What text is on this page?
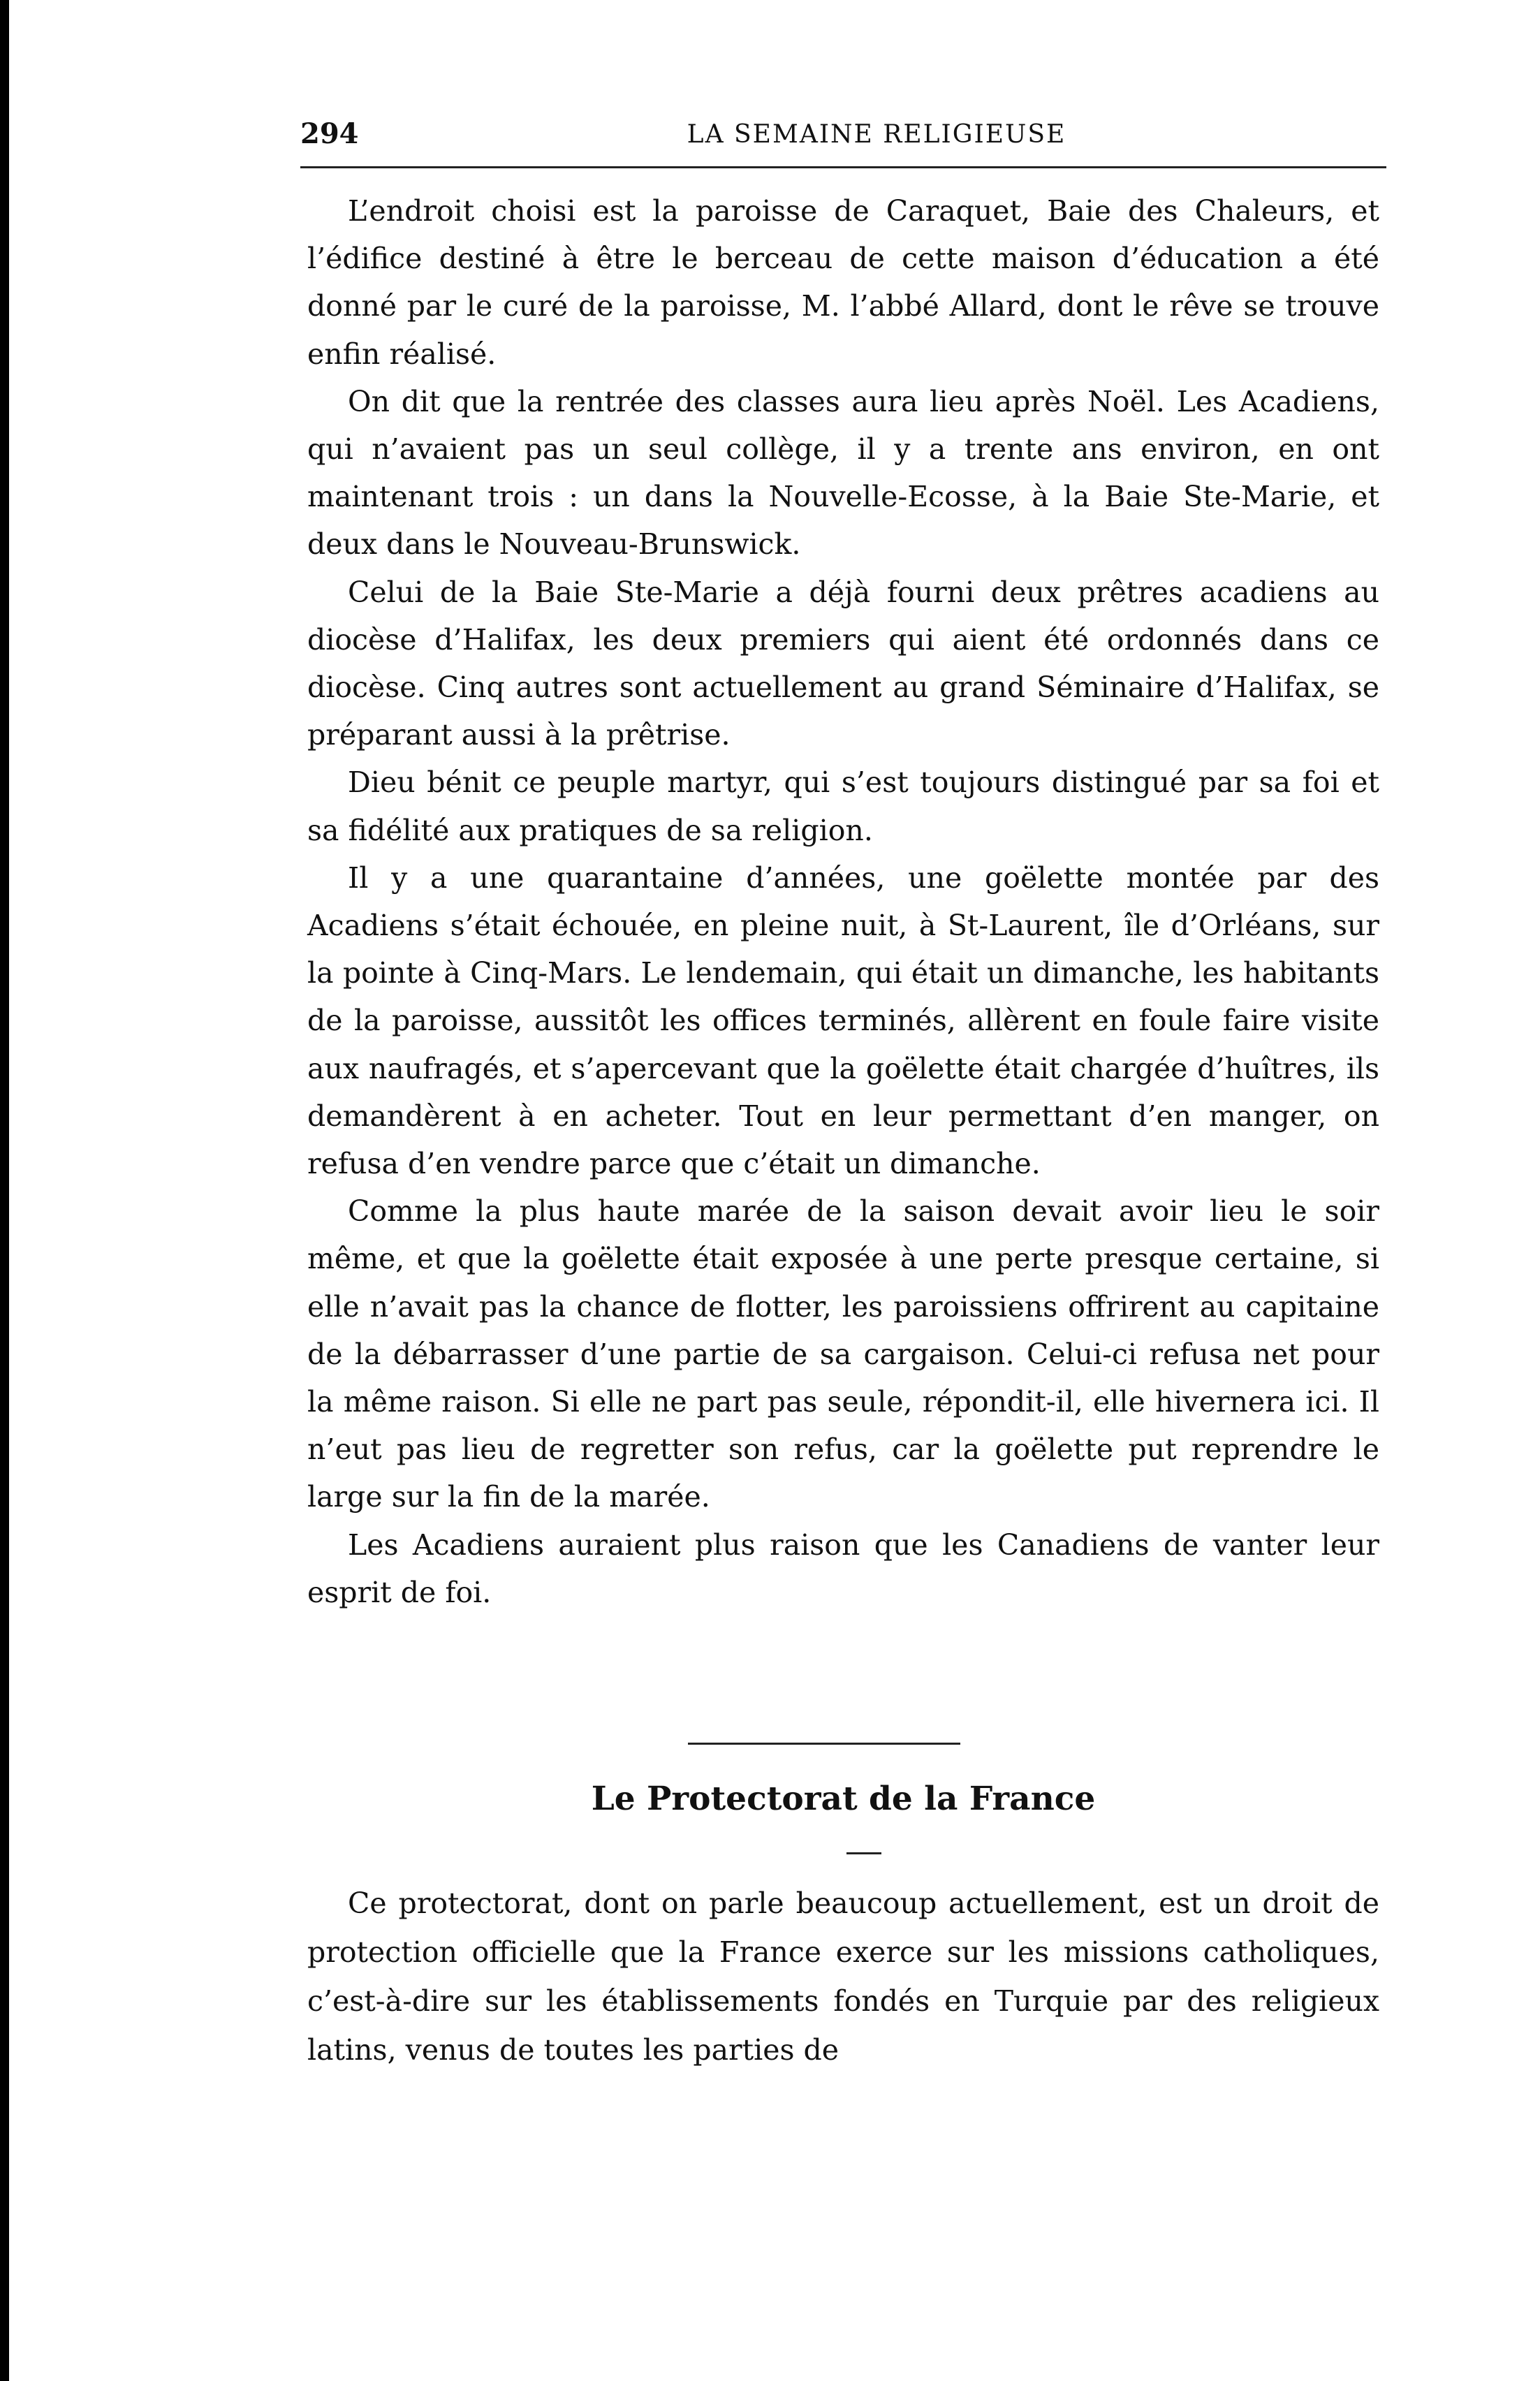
294	LA SEMAINE RELIGIEUSE

L’endroit choisi est la paroisse de Caraquet, Baie des Chaleurs, et l’édifice destiné à être le berceau de cette maison d’éducation a été donné par le curé de la paroisse, M. l’abbé Allard, dont le rêve se trouve enfin réalisé.

On dit que la rentrée des classes aura lieu après Noël. Les Acadiens, qui n’avaient pas un seul collège, il y a trente ans environ, en ont maintenant trois : un dans la Nouvelle-Ecosse, à la Baie Ste-Marie, et deux dans le Nouveau-Brunswick.

Celui de la Baie Ste-Marie a déjà fourni deux prêtres acadiens au diocèse d’Halifax, les deux premiers qui aient été ordonnés dans ce diocèse. Cinq autres sont actuellement au grand Séminaire d’Halifax, se préparant aussi à la prêtrise.

Dieu bénit ce peuple martyr, qui s’est toujours distingué par sa foi et sa fidélité aux pratiques de sa religion.

Il y a une quarantaine d’années, une goëlette montée par des Acadiens s’était échouée, en pleine nuit, à St-Laurent, île d’Orléans, sur la pointe à Cinq-Mars. Le lendemain, qui était un dimanche, les habitants de la paroisse, aussitôt les offices terminés, allèrent en foule faire visite aux naufragés, et s’apercevant que la goëlette était chargée d’huîtres, ils demandèrent à en acheter. Tout en leur permettant d’en manger, on refusa d’en vendre parce que c’était un dimanche.

Comme la plus haute marée de la saison devait avoir lieu le soir même, et que la goëlette était exposée à une perte presque certaine, si elle n’avait pas la chance de flotter, les paroissiens offrirent au capitaine de la débarrasser d’une partie de sa cargaison. Celui-ci refusa net pour la même raison. Si elle ne part pas seule, répondit-il, elle hivernera ici. Il n’eut pas lieu de regretter son refus, car la goëlette put reprendre le large sur la fin de la marée.

Les Acadiens auraient plus raison que les Canadiens de vanter leur esprit de foi.

Le Protectorat de la France

Ce protectorat, dont on parle beaucoup actuellement, est un droit de protection officielle que la France exerce sur les missions catholiques, c’est-à-dire sur les établissements fondés en Turquie par des religieux latins, venus de toutes les parties de
